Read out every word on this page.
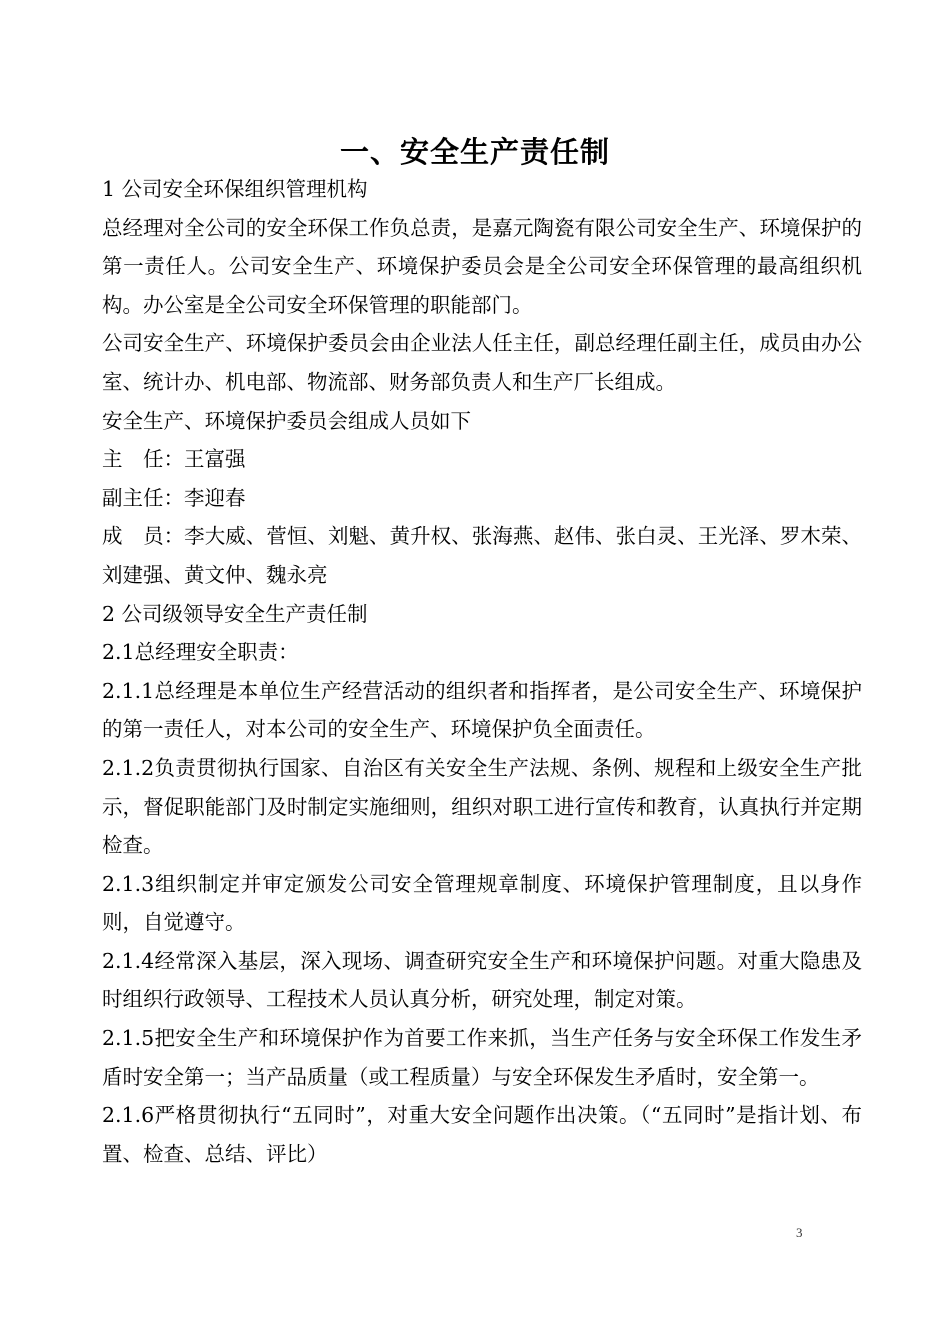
一、安全生产责任制

1 公司安全环保组织管理机构

总经理对全公司的安全环保工作负总责，是嘉元陶瓷有限公司安全生产、环境保护的第一责任人。公司安全生产、环境保护委员会是全公司安全环保管理的最高组织机构。办公室是全公司安全环保管理的职能部门。

公司安全生产、环境保护委员会由企业法人任主任，副总经理任副主任，成员由办公室、统计办、机电部、物流部、财务部负责人和生产厂长组成。

安全生产、环境保护委员会组成人员如下

主　任：王富强

副主任：李迎春

成　员：李大威、菅恒、刘魁、黄升权、张海燕、赵伟、张白灵、王光泽、罗木荣、刘建强、黄文仲、魏永亮

2 公司级领导安全生产责任制

2.1总经理安全职责：

2.1.1总经理是本单位生产经营活动的组织者和指挥者，是公司安全生产、环境保护的第一责任人，对本公司的安全生产、环境保护负全面责任。

2.1.2负责贯彻执行国家、自治区有关安全生产法规、条例、规程和上级安全生产批示，督促职能部门及时制定实施细则，组织对职工进行宣传和教育，认真执行并定期检查。

2.1.3组织制定并审定颁发公司安全管理规章制度、环境保护管理制度，且以身作则，自觉遵守。

2.1.4经常深入基层，深入现场、调查研究安全生产和环境保护问题。对重大隐患及时组织行政领导、工程技术人员认真分析，研究处理，制定对策。

2.1.5把安全生产和环境保护作为首要工作来抓，当生产任务与安全环保工作发生矛盾时安全第一；当产品质量（或工程质量）与安全环保发生矛盾时，安全第一。

2.1.6严格贯彻执行“五同时”，对重大安全问题作出决策。（“五同时”是指计划、布置、检查、总结、评比）

3
